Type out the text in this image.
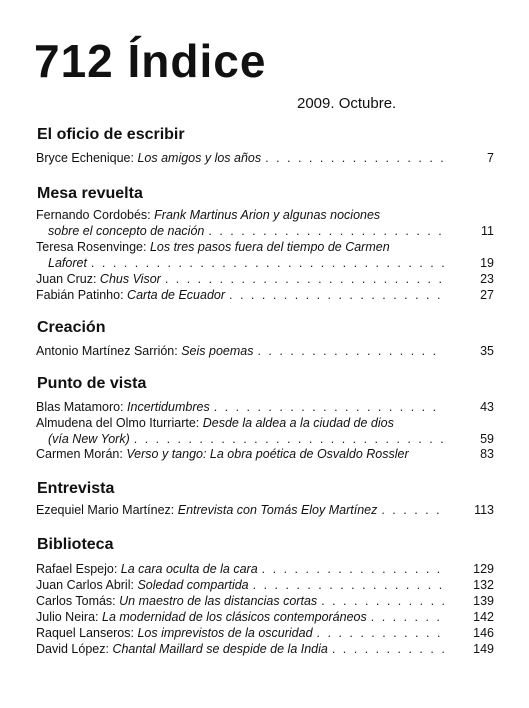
712 Índice
2009. Octubre.
El oficio de escribir
Bryce Echenique: Los amigos y los años . . .	7
Mesa revuelta
Fernando Cordobés: Frank Martinus Arion y algunas nociones
sobre el concepto de nación . . .	11
Teresa Rosenvinge: Los tres pasos fuera del tiempo de Carmen
Laforet . . .	19
Juan Cruz: Chus Visor . . .	23
Fabián Patinho: Carta de Ecuador . . .	27
Creación
Antonio Martínez Sarrión: Seis poemas . . .	35
Punto de vista
Blas Matamoro: Incertidumbres . . .	43
Almudena del Olmo Iturriarte: Desde la aldea a la ciudad de dios
(vía New York) . . .	59
Carmen Morán: Verso y tango: La obra poética de Osvaldo Rossler	83
Entrevista
Ezequiel Mario Martínez: Entrevista con Tomás Eloy Martínez . . .	113
Biblioteca
Rafael Espejo: La cara oculta de la cara . . .	129
Juan Carlos Abril: Soledad compartida . . .	132
Carlos Tomás: Un maestro de las distancias cortas . . .	139
Julio Neira: La modernidad de los clásicos contemporáneos . . .	142
Raquel Lanseros: Los imprevistos de la oscuridad . . .	146
David López: Chantal Maillard se despide de la India . . .	149
